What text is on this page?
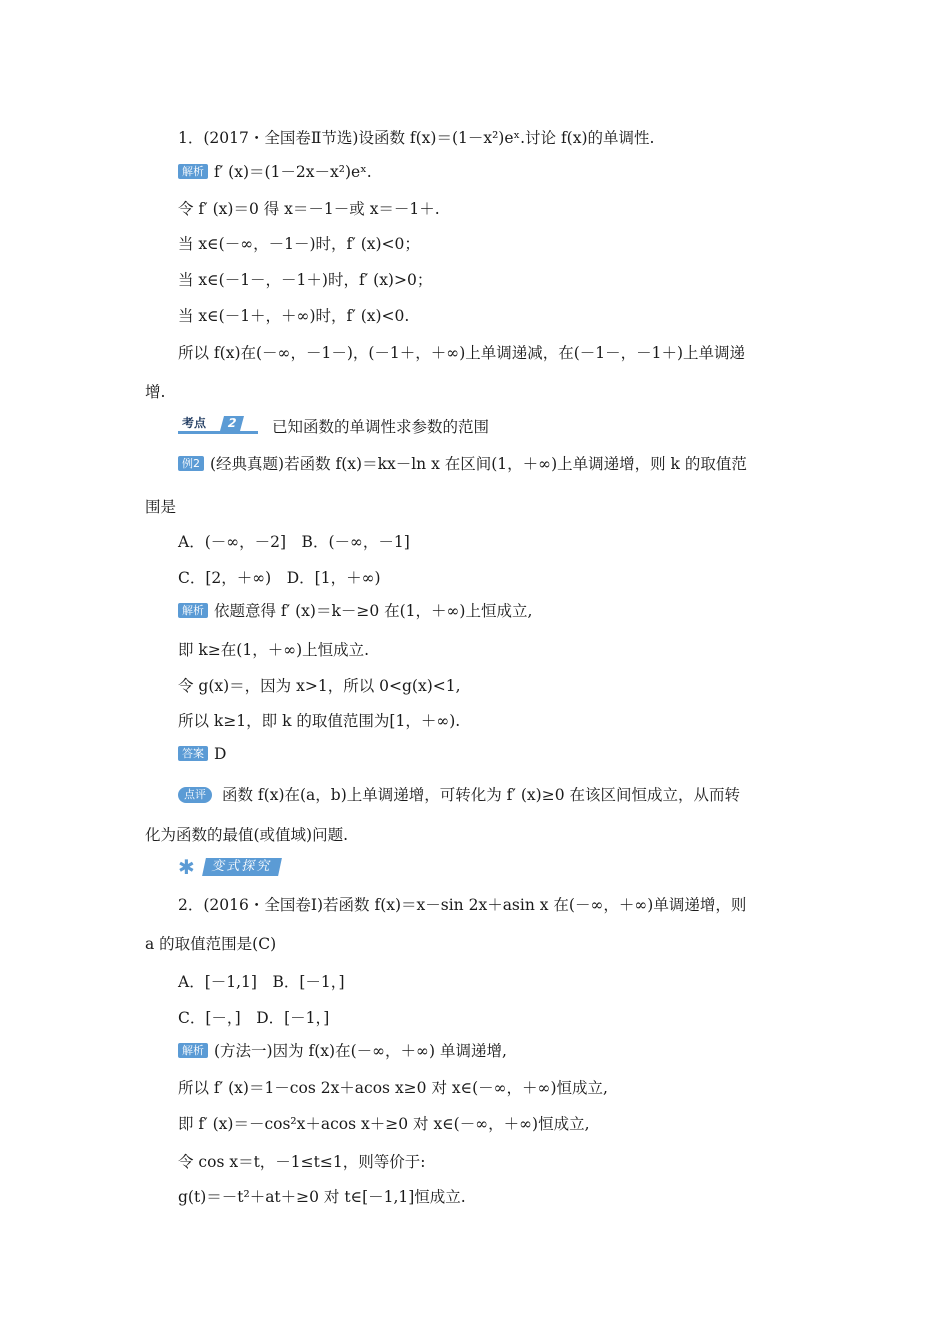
1．(2017・全国卷Ⅱ节选)设函数 f(x)＝(1－x²)eˣ.讨论 f(x)的单调性.
解析 f′ (x)＝(1－2x－x²)eˣ.
令 f′ (x)＝0 得 x＝－1－或 x＝－1＋.
当 x∈(－∞，－1－)时，f′ (x)<0；
当 x∈(－1－，－1＋)时，f′ (x)>0；
当 x∈(－1＋，＋∞)时，f′ (x)<0.
所以 f(x)在(－∞，－1－)，(－1＋，＋∞)上单调递减，在(－1－，－1＋)上单调递
增.
考点	2	已知函数的单调性求参数的范围
例2 (经典真题)若函数 f(x)＝kx－ln x 在区间(1，＋∞)上单调递增，则 k 的取值范
围是
A．(－∞，－2]　B．(－∞，－1]
C．[2，＋∞)　D．[1，＋∞)
解析 依题意得 f′ (x)＝k－≥0 在(1，＋∞)上恒成立,
即 k≥在(1，＋∞)上恒成立.
令 g(x)＝，因为 x>1，所以 0<g(x)<1,
所以 k≥1，即 k 的取值范围为[1，＋∞).
答案 D
点评 函数 f(x)在(a，b)上单调递增，可转化为 f′ (x)≥0 在该区间恒成立，从而转
化为函数的最值(或值域)问题.
✱	变式探究
2．(2016・全国卷Ⅰ)若函数 f(x)＝x－sin 2x＋asin x 在(－∞，＋∞)单调递增，则
a 的取值范围是(C)
A．[－1,1]　B．[－1，]
C．[－，]　D．[－1，]
解析 (方法一)因为 f(x)在(－∞，＋∞) 单调递增,
所以 f′ (x)＝1－cos 2x＋acos x≥0 对 x∈(－∞，＋∞)恒成立,
即 f′ (x)＝－cos²x＋acos x＋≥0 对 x∈(－∞，＋∞)恒成立,
令 cos x＝t，－1≤t≤1，则等价于:
g(t)＝－t²＋at＋≥0 对 t∈[－1,1]恒成立.
